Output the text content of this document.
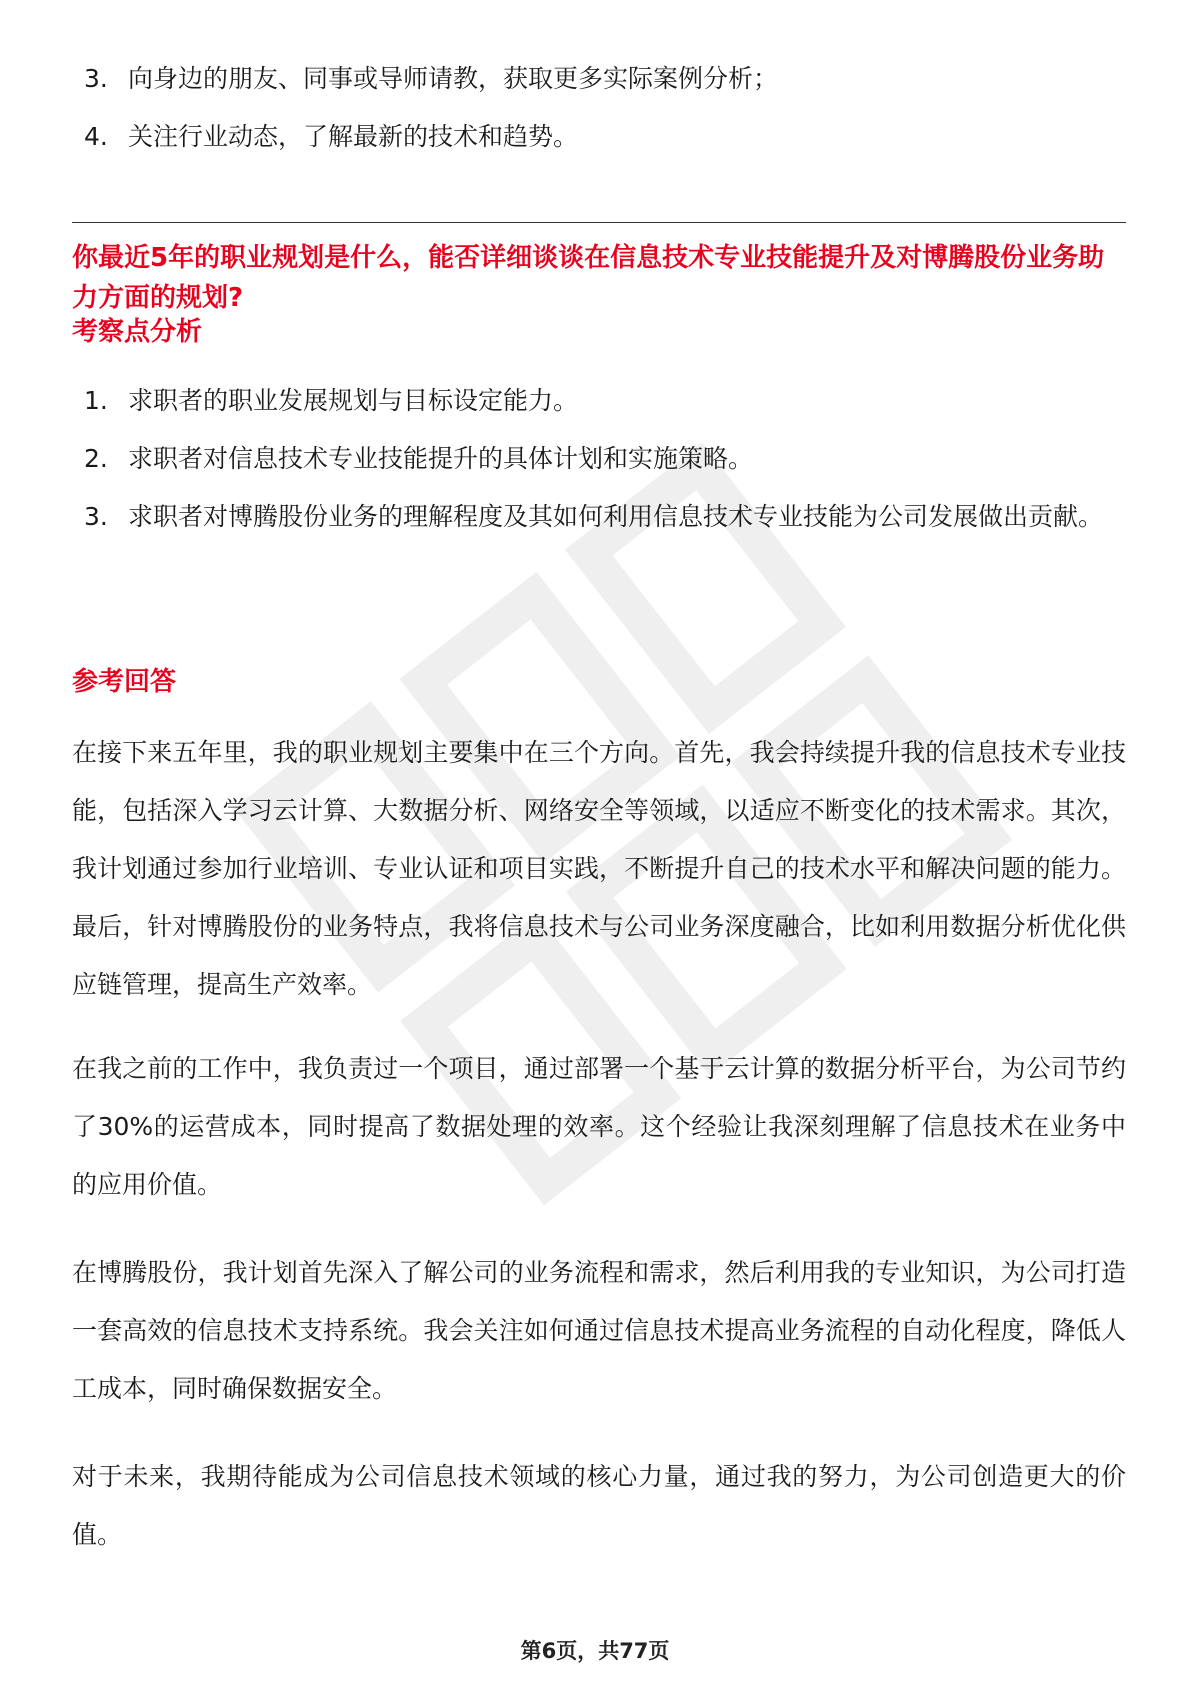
3. 向身边的朋友、同事或导师请教，获取更多实际案例分析；
4. 关注行业动态，了解最新的技术和趋势。
你最近5年的职业规划是什么，能否详细谈谈在信息技术专业技能提升及对博腾股份业务助力方面的规划?
考察点分析
1. 求职者的职业发展规划与目标设定能力。
2. 求职者对信息技术专业技能提升的具体计划和实施策略。
3. 求职者对博腾股份业务的理解程度及其如何利用信息技术专业技能为公司发展做出贡献。
参考回答

在接下来五年里，我的职业规划主要集中在三个方向。首先，我会持续提升我的信息技术专业技能，包括深入学习云计算、大数据分析、网络安全等领域，以适应不断变化的技术需求。其次，我计划通过参加行业培训、专业认证和项目实践，不断提升自己的技术水平和解决问题的能力。最后，针对博腾股份的业务特点，我将信息技术与公司业务深度融合，比如利用数据分析优化供应链管理，提高生产效率。

在我之前的工作中，我负责过一个项目，通过部署一个基于云计算的数据分析平台，为公司节约了30%的运营成本，同时提高了数据处理的效率。这个经验让我深刻理解了信息技术在业务中的应用价值。

在博腾股份，我计划首先深入了解公司的业务流程和需求，然后利用我的专业知识，为公司打造一套高效的信息技术支持系统。我会关注如何通过信息技术提高业务流程的自动化程度，降低人工成本，同时确保数据安全。

对于未来，我期待能成为公司信息技术领域的核心力量，通过我的努力，为公司创造更大的价值。

第6页，共77页
